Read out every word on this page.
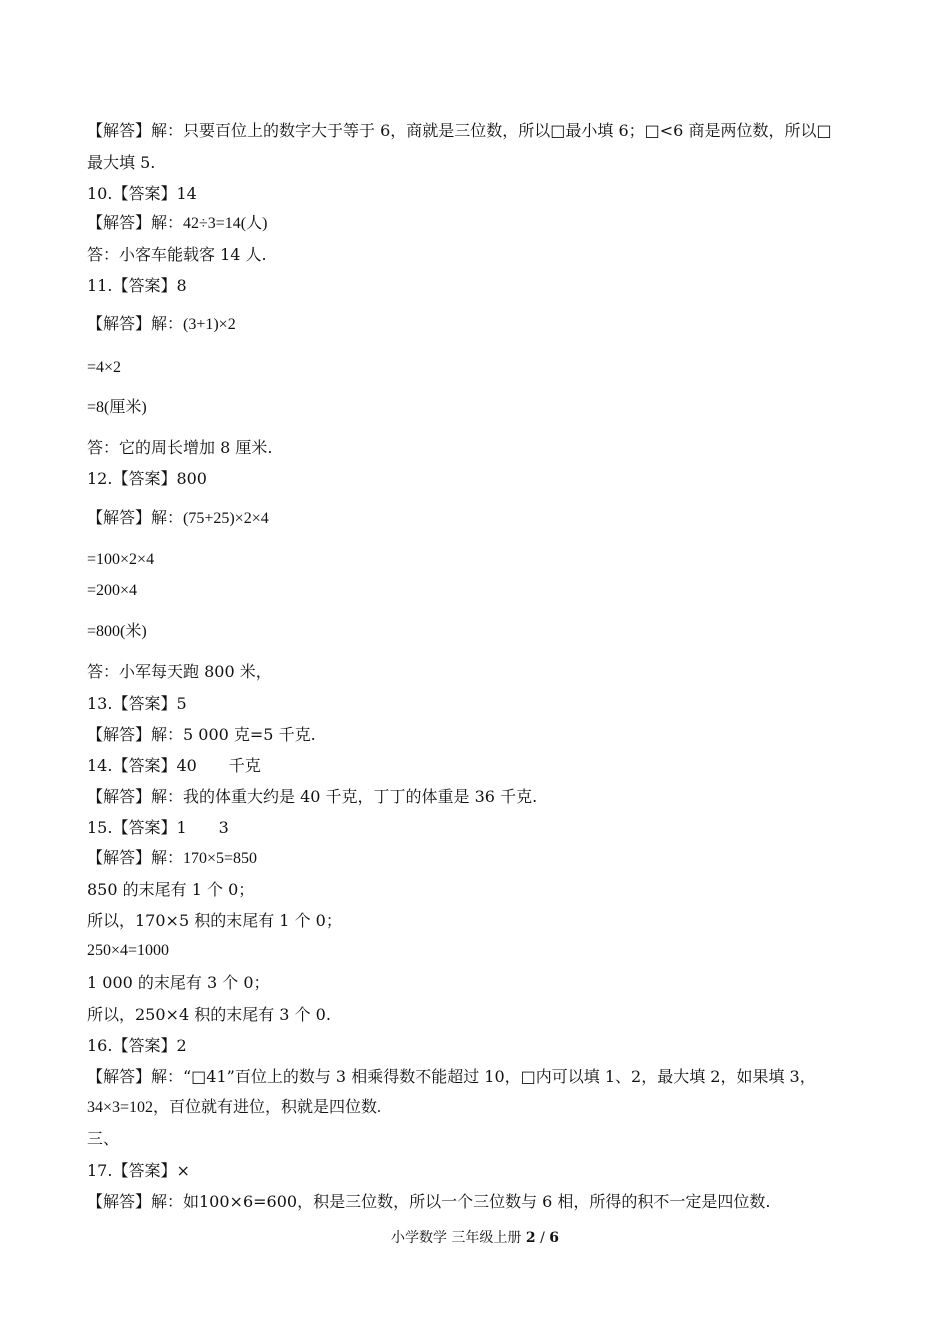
【解答】解：只要百位上的数字大于等于 6，商就是三位数，所以□最小填 6；□<6 商是两位数，所以□
最大填 5.
10.【答案】14
【解答】解：42÷3=14(人)
答：小客车能载客 14 人.
11.【答案】8
【解答】解：(3+1)×2
=4×2
=8(厘米)
答：它的周长增加 8 厘米.
12.【答案】800
【解答】解：(75+25)×2×4
=100×2×4
=200×4
=800(米)
答：小军每天跑 800 米，
13.【答案】5
【解答】解：5 000 克=5 千克.
14.【答案】40　　千克
【解答】解：我的体重大约是 40 千克，丁丁的体重是 36 千克.
15.【答案】1　　3
【解答】解：170×5=850
850 的末尾有 1 个 0；
所以，170×5 积的末尾有 1 个 0；
250×4=1000
1 000 的末尾有 3 个 0；
所以，250×4 积的末尾有 3 个 0.
16.【答案】2
【解答】解：“□41”百位上的数与 3 相乘得数不能超过 10，□内可以填 1、2，最大填 2，如果填 3，
34×3=102，百位就有进位，积就是四位数.
三、
17.【答案】×
【解答】解：如100×6=600，积是三位数，所以一个三位数与 6 相，所得的积不一定是四位数.
小学数学 三年级上册 2 / 6
